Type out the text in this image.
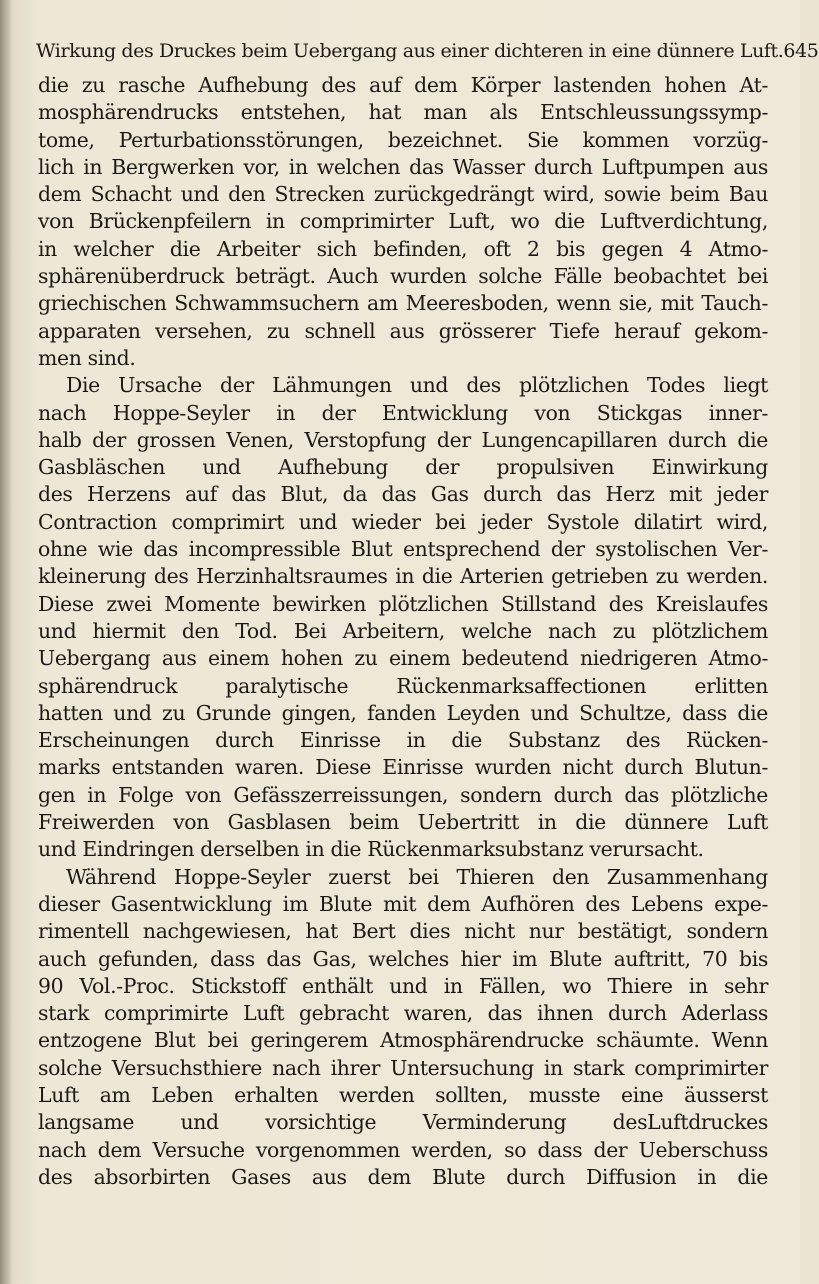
Wirkung des Druckes beim Uebergang aus einer dichteren in eine dünnere Luft. 645
die zu rasche Aufhebung des auf dem Körper lastenden hohen At-
mosphärendrucks entstehen, hat man als Entschleussungssymp-
tome, Perturbationsstörungen, bezeichnet. Sie kommen vorzüg-
lich in Bergwerken vor, in welchen das Wasser durch Luftpumpen aus
dem Schacht und den Strecken zurückgedrängt wird, sowie beim Bau
von Brückenpfeilern in comprimirter Luft, wo die Luftverdichtung,
in welcher die Arbeiter sich befinden, oft 2 bis gegen 4 Atmo-
sphärenüberdruck beträgt. Auch wurden solche Fälle beobachtet bei
griechischen Schwammsuchern am Meeresboden, wenn sie, mit Tauch-
apparaten versehen, zu schnell aus grösserer Tiefe herauf gekom-
men sind.
Die Ursache der Lähmungen und des plötzlichen Todes liegt
nach Hoppe-Seyler in der Entwicklung von Stickgas inner-
halb der grossen Venen, Verstopfung der Lungencapillaren durch die
Gasbläschen und Aufhebung der propulsiven Einwirkung
des Herzens auf das Blut, da das Gas durch das Herz mit jeder
Contraction comprimirt und wieder bei jeder Systole dilatirt wird,
ohne wie das incompressible Blut entsprechend der systolischen Ver-
kleinerung des Herzinhaltsraumes in die Arterien getrieben zu werden.
Diese zwei Momente bewirken plötzlichen Stillstand des Kreislaufes
und hiermit den Tod. Bei Arbeitern, welche nach zu plötzlichem
Uebergang aus einem hohen zu einem bedeutend niedrigeren Atmo-
sphärendruck paralytische Rückenmarksaffectionen erlitten
hatten und zu Grunde gingen, fanden Leyden und Schultze, dass die
Erscheinungen durch Einrisse in die Substanz des Rücken-
marks entstanden waren. Diese Einrisse wurden nicht durch Blutun-
gen in Folge von Gefässzerreissungen, sondern durch das plötzliche
Freiwerden von Gasblasen beim Uebertritt in die dünnere Luft
und Eindringen derselben in die Rückenmarksubstanz verursacht.
Während Hoppe-Seyler zuerst bei Thieren den Zusammenhang
dieser Gasentwicklung im Blute mit dem Aufhören des Lebens expe-
rimentell nachgewiesen, hat Bert dies nicht nur bestätigt, sondern
auch gefunden, dass das Gas, welches hier im Blute auftritt, 70 bis
90 Vol.-Proc. Stickstoff enthält und in Fällen, wo Thiere in sehr
stark comprimirte Luft gebracht waren, das ihnen durch Aderlass
entzogene Blut bei geringerem Atmosphärendrucke schäumte. Wenn
solche Versuchsthiere nach ihrer Untersuchung in stark comprimirter
Luft am Leben erhalten werden sollten, musste eine äusserst
langsame und vorsichtige Verminderung desLuftdruckes
nach dem Versuche vorgenommen werden, so dass der Ueberschuss
des absorbirten Gases aus dem Blute durch Diffusion in die
